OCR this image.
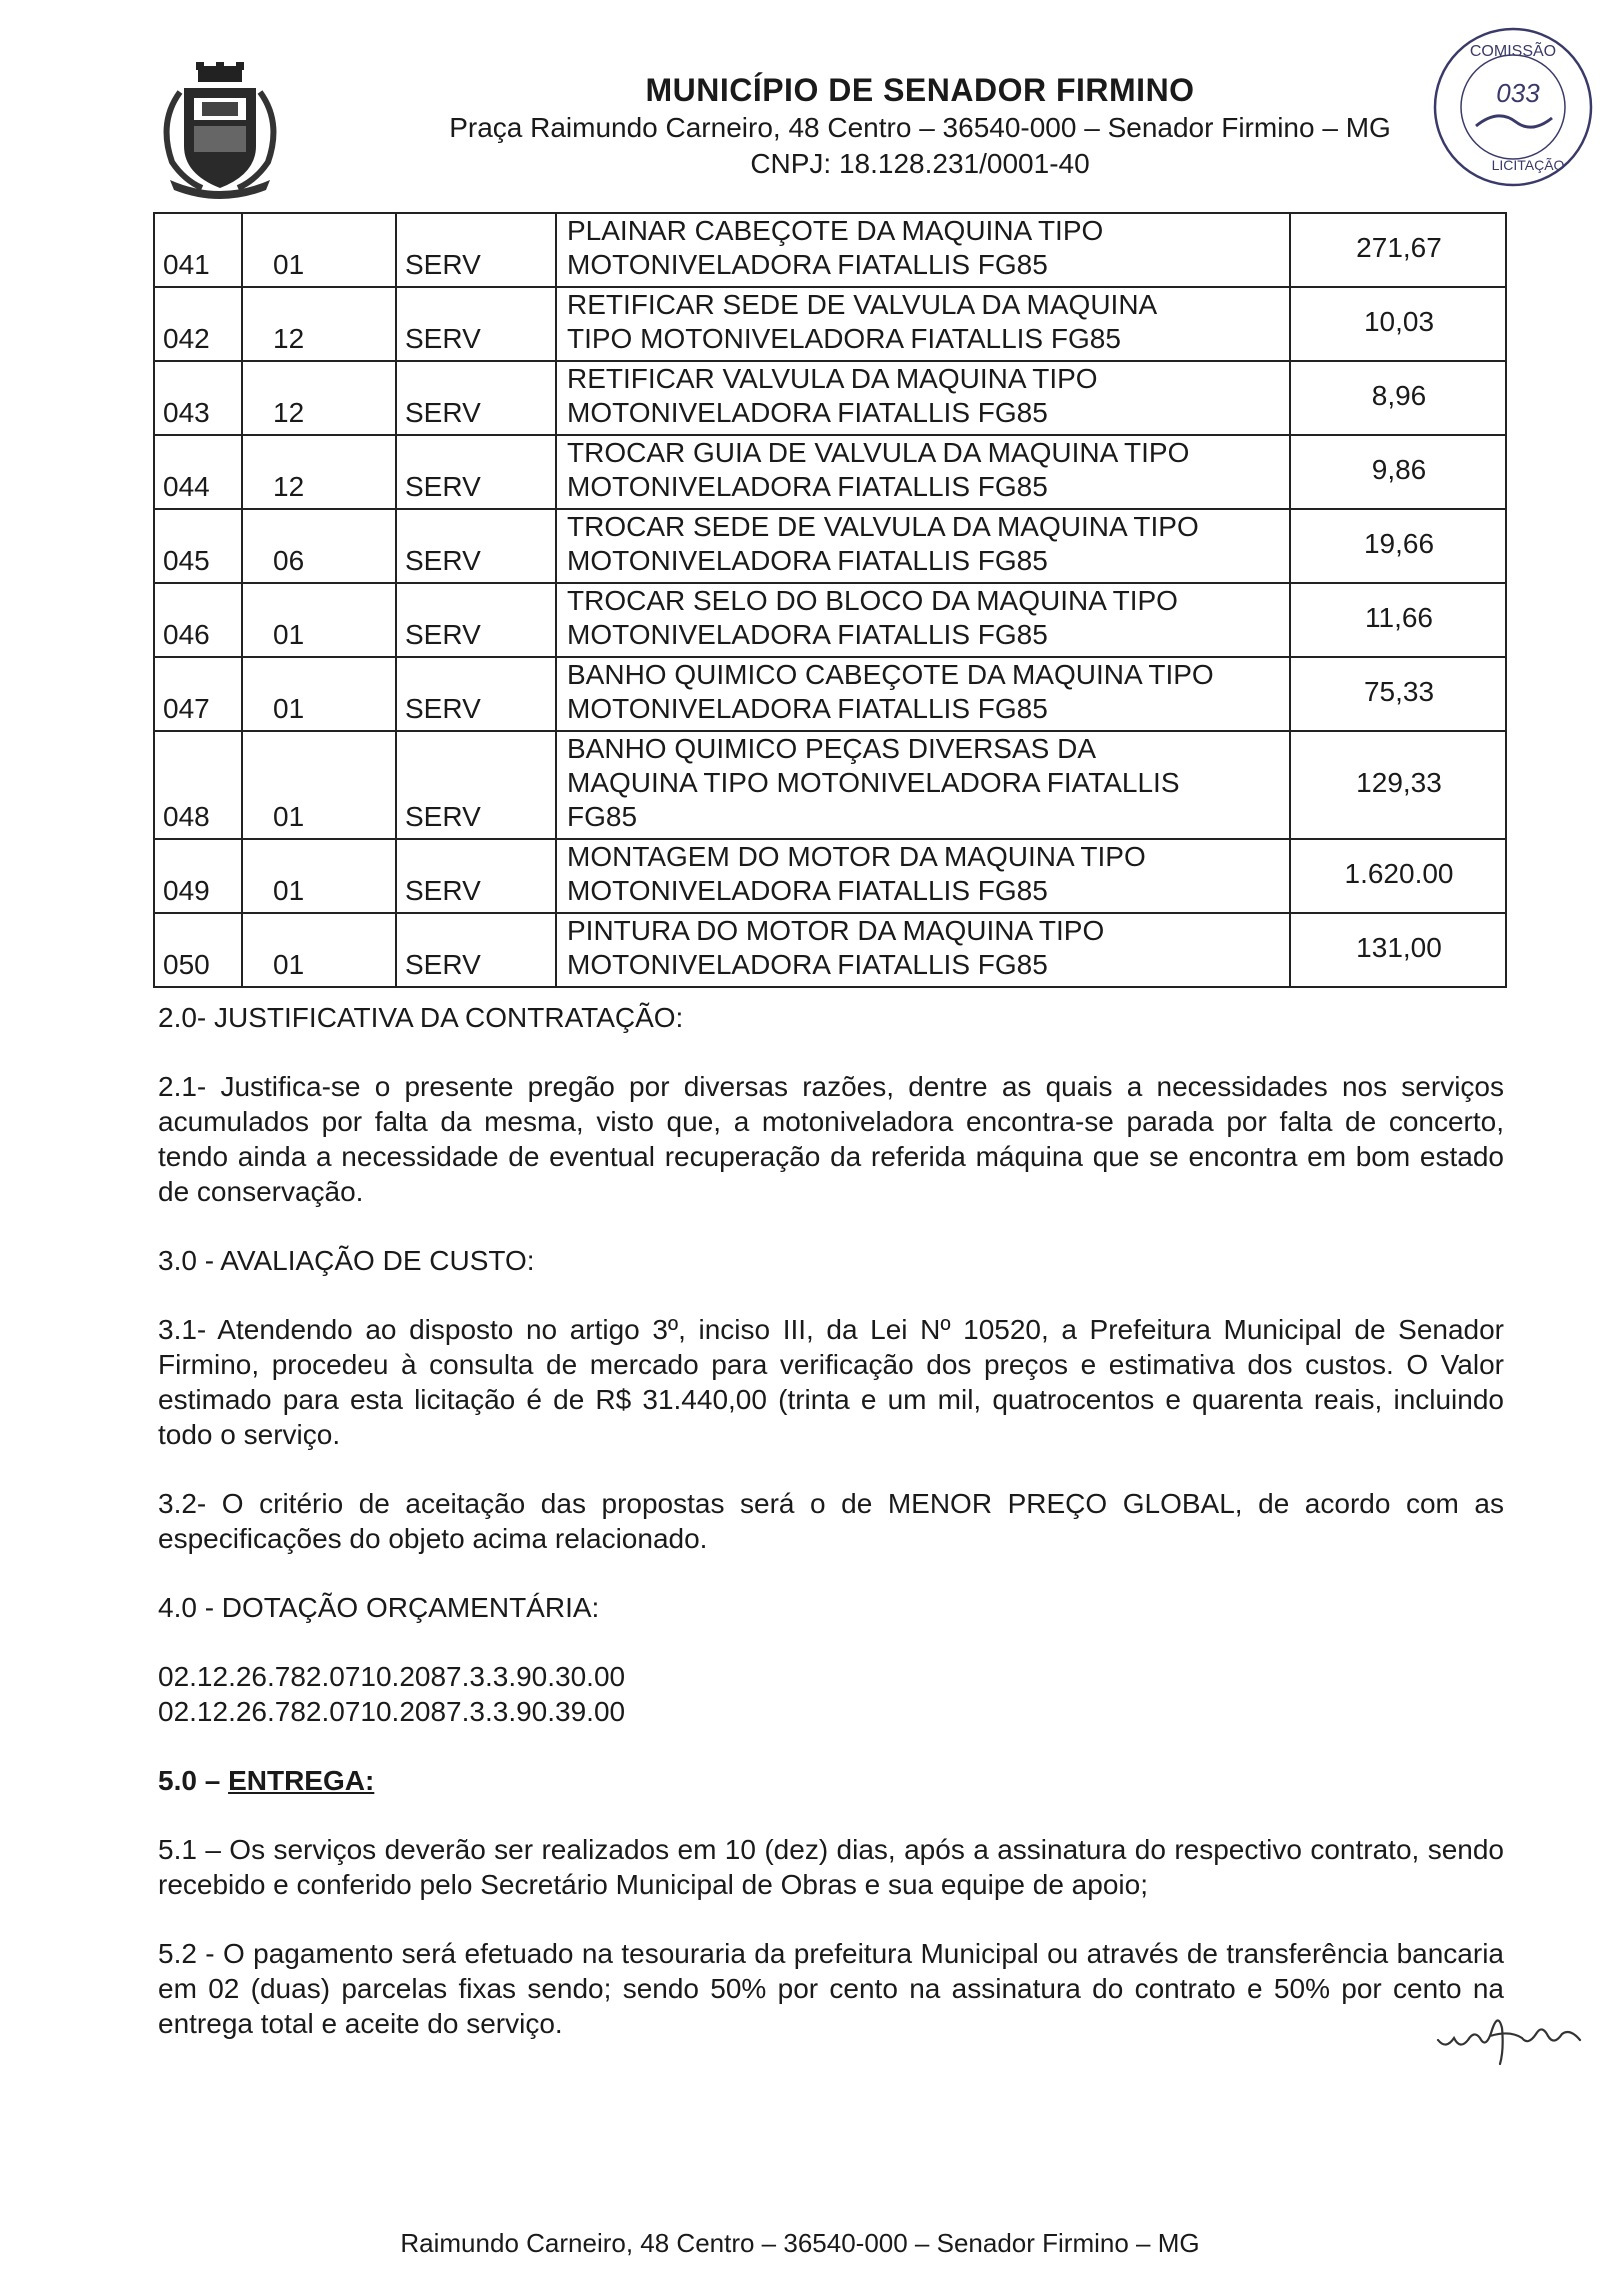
MUNICÍPIO DE SENADOR FIRMINO
Praça Raimundo Carneiro, 48 Centro – 36540-000 – Senador Firmino – MG
CNPJ: 18.128.231/0001-40
COMISSÃO
033
LICITAÇÃO
041	01	SERV	PLAINAR CABEÇOTE DA MAQUINA TIPO
MOTONIVELADORA FIATALLIS FG85	271,67
042	12	SERV	RETIFICAR SEDE DE VALVULA DA MAQUINA
TIPO MOTONIVELADORA FIATALLIS FG85	10,03
043	12	SERV	RETIFICAR VALVULA DA MAQUINA TIPO
MOTONIVELADORA FIATALLIS FG85	8,96
044	12	SERV	TROCAR GUIA DE VALVULA DA MAQUINA TIPO
MOTONIVELADORA FIATALLIS FG85	9,86
045	06	SERV	TROCAR SEDE DE VALVULA DA MAQUINA TIPO
MOTONIVELADORA FIATALLIS FG85	19,66
046	01	SERV	TROCAR SELO DO BLOCO DA MAQUINA TIPO
MOTONIVELADORA FIATALLIS FG85	11,66
047	01	SERV	BANHO QUIMICO CABEÇOTE DA MAQUINA TIPO
MOTONIVELADORA FIATALLIS FG85	75,33
048	01	SERV	BANHO QUIMICO PEÇAS DIVERSAS DA
MAQUINA TIPO MOTONIVELADORA FIATALLIS
FG85	129,33
049	01	SERV	MONTAGEM DO MOTOR DA MAQUINA TIPO
MOTONIVELADORA FIATALLIS FG85	1.620.00
050	01	SERV	PINTURA DO MOTOR DA MAQUINA TIPO
MOTONIVELADORA FIATALLIS FG85	131,00

2.0- JUSTIFICATIVA DA CONTRATAÇÃO:

2.1- Justifica-se o presente pregão por diversas razões, dentre as quais a necessidades nos serviços acumulados por falta da mesma, visto que, a motoniveladora encontra-se parada por falta de concerto, tendo ainda a necessidade de eventual recuperação da referida máquina que se encontra em bom estado de conservação.

3.0 - AVALIAÇÃO DE CUSTO:

3.1- Atendendo ao disposto no artigo 3º, inciso III, da Lei Nº 10520, a Prefeitura Municipal de Senador Firmino, procedeu à consulta de mercado para verificação dos preços e estimativa dos custos. O Valor estimado para esta licitação é de R$ 31.440,00 (trinta e um mil, quatrocentos e quarenta reais, incluindo todo o serviço.

3.2- O critério de aceitação das propostas será o de MENOR PREÇO GLOBAL, de acordo com as especificações do objeto acima relacionado.

4.0 - DOTAÇÃO ORÇAMENTÁRIA:

02.12.26.782.0710.2087.3.3.90.30.00

02.12.26.782.0710.2087.3.3.90.39.00

5.0 – ENTREGA:

5.1 – Os serviços deverão ser realizados em 10 (dez) dias, após a assinatura do respectivo contrato, sendo recebido e conferido pelo Secretário Municipal de Obras e sua equipe de apoio;

5.2 - O pagamento será efetuado na tesouraria da prefeitura Municipal ou através de transferência bancaria em 02 (duas) parcelas fixas sendo; sendo 50% por cento na assinatura do contrato e 50% por cento na entrega total e aceite do serviço.

Raimundo Carneiro, 48 Centro – 36540-000 – Senador Firmino – MG
